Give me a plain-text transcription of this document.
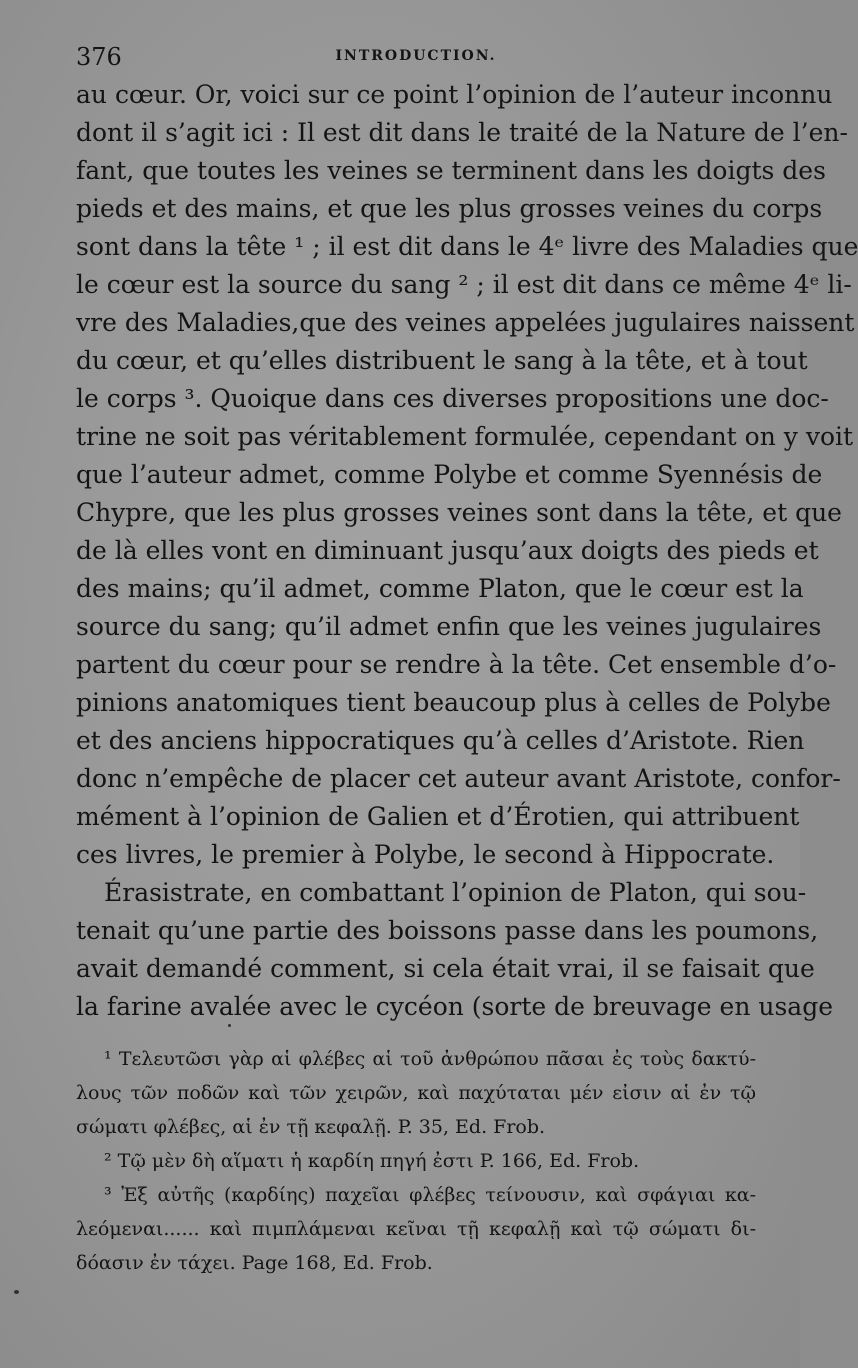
376	INTRODUCTION.
au cœur. Or, voici sur ce point l’opinion de l’auteur inconnu
dont il s’agit ici : Il est dit dans le traité de la Nature de l’en-
fant, que toutes les veines se terminent dans les doigts des
pieds et des mains, et que les plus grosses veines du corps
sont dans la tête ¹ ; il est dit dans le 4ᵉ livre des Maladies que
le cœur est la source du sang ² ; il est dit dans ce même 4ᵉ li-
vre des Maladies,que des veines appelées jugulaires naissent
du cœur, et qu’elles distribuent le sang à la tête, et à tout
le corps ³. Quoique dans ces diverses propositions une doc-
trine ne soit pas véritablement formulée, cependant on y voit
que l’auteur admet, comme Polybe et comme Syennésis de
Chypre, que les plus grosses veines sont dans la tête, et que
de là elles vont en diminuant jusqu’aux doigts des pieds et
des mains; qu’il admet, comme Platon, que le cœur est la
source du sang; qu’il admet enfin que les veines jugulaires
partent du cœur pour se rendre à la tête. Cet ensemble d’o-
pinions anatomiques tient beaucoup plus à celles de Polybe
et des anciens hippocratiques qu’à celles d’Aristote. Rien
donc n’empêche de placer cet auteur avant Aristote, confor-
mément à l’opinion de Galien et d’Érotien, qui attribuent
ces livres, le premier à Polybe, le second à Hippocrate.
Érasistrate, en combattant l’opinion de Platon, qui sou-
tenait qu’une partie des boissons passe dans les poumons,
avait demandé comment, si cela était vrai, il se faisait que
la farine avalée avec le cycéon (sorte de breuvage en usage
¹ Τελευτῶσι γὰρ αἱ φλέβες αἱ τοῦ ἀνθρώπου πᾶσαι ἐς τοὺς δακτύ-
λους τῶν ποδῶν καὶ τῶν χειρῶν, καὶ παχύταται μέν εἰσιν αἱ ἐν τῷ
σώματι φλέβες, αἱ ἐν τῇ κεφαλῇ. P. 35, Ed. Frob.
² Τῷ μὲν δὴ αἵματι ἡ καρδίη πηγή ἐστι P. 166, Ed. Frob.
³ Ἐξ αὐτῆς (καρδίης) παχεῖαι φλέβες τείνουσιν, καὶ σφάγιαι κα-
λεόμεναι...... καὶ πιμπλάμεναι κεῖναι τῇ κεφαλῇ καὶ τῷ σώματι δι-
δόασιν ἐν τάχει. Page 168, Ed. Frob.
